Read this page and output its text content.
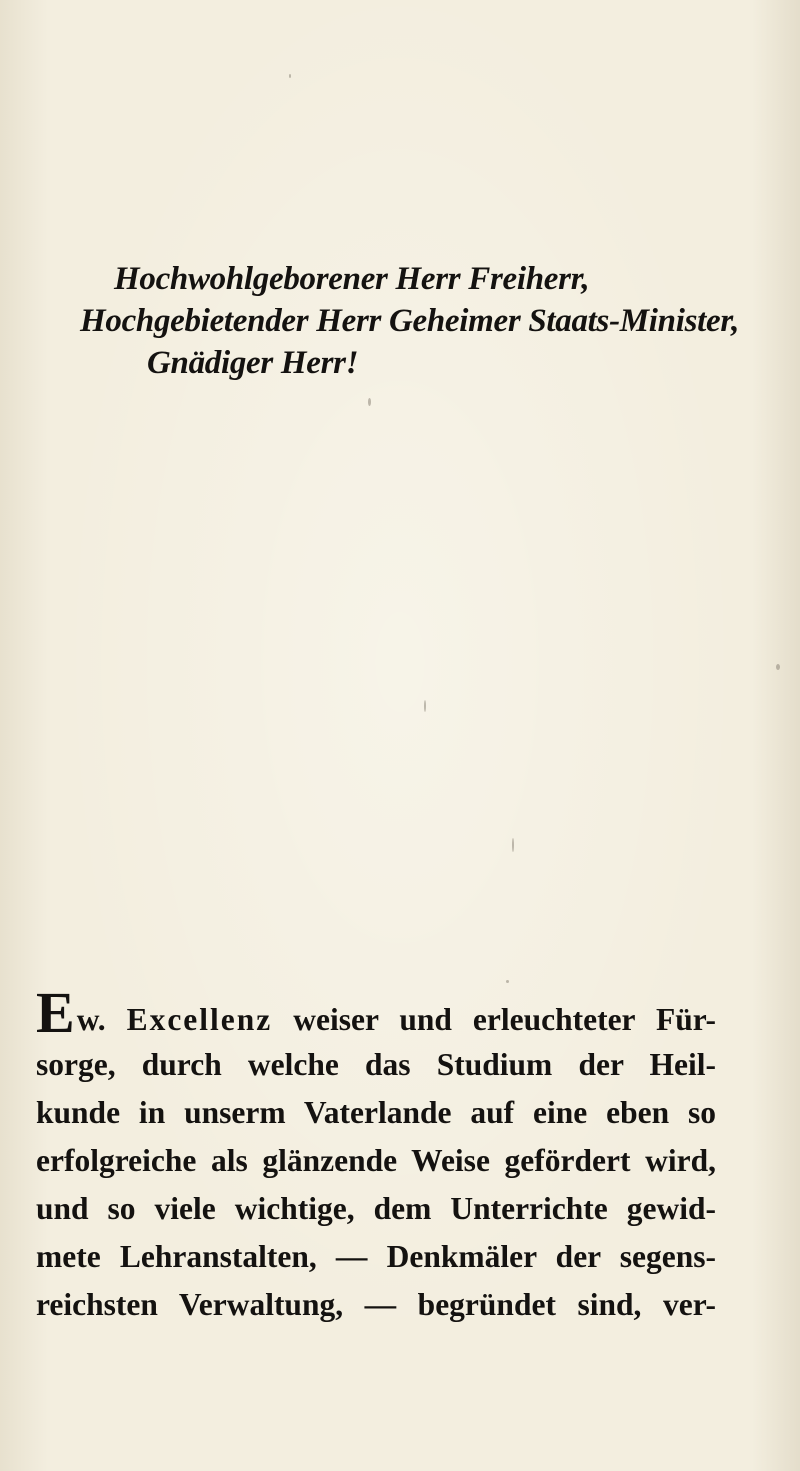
Hochwohlgeborener Herr Freiherr,
Hochgebietender Herr Geheimer Staats-Minister,
Gnädiger Herr!
Ew. Excellenz weiser und erleuchteter Für-
sorge, durch welche das Studium der Heil-
kunde in unserm Vaterlande auf eine eben so
erfolgreiche als glänzende Weise gefördert wird,
und so viele wichtige, dem Unterrichte gewid-
mete Lehranstalten, — Denkmäler der segens-
reichsten Verwaltung, — begründet sind, ver-
